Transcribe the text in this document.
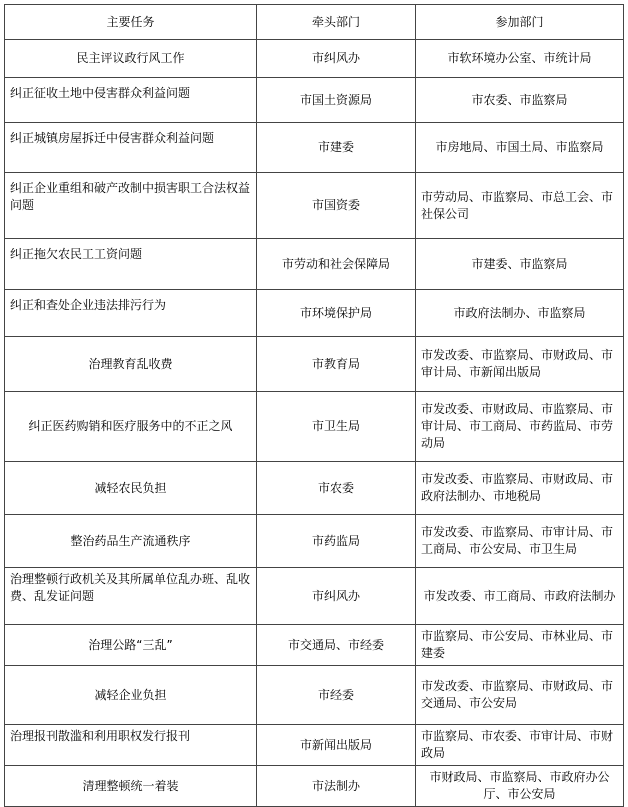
主要任务	牵头部门	参加部门
民主评议政行风工作	市纠风办	市软环境办公室、市统计局
纠正征收土地中侵害群众利益问题	市国土资源局	市农委、市监察局
纠正城镇房屋拆迁中侵害群众利益问题	市建委	市房地局、市国土局、市监察局
纠正企业重组和破产改制中损害职工合法权益问题	市国资委	市劳动局、市监察局、市总工会、市社保公司
纠正拖欠农民工工资问题	市劳动和社会保障局	市建委、市监察局
纠正和查处企业违法排污行为	市环境保护局	市政府法制办、市监察局
治理教育乱收费	市教育局	市发改委、市监察局、市财政局、市审计局、市新闻出版局
纠正医药购销和医疗服务中的不正之风	市卫生局	市发改委、市财政局、市监察局、市审计局、市工商局、市药监局、市劳动局
减轻农民负担	市农委	市发改委、市监察局、市财政局、市政府法制办、市地税局
整治药品生产流通秩序	市药监局	市发改委、市监察局、市审计局、市工商局、市公安局、市卫生局
治理整顿行政机关及其所属单位乱办班、乱收费、乱发证问题	市纠风办	市发改委、市工商局、市政府法制办
治理公路“三乱”	市交通局、市经委	市监察局、市公安局、市林业局、市建委
减轻企业负担	市经委	市发改委、市监察局、市财政局、市交通局、市公安局
治理报刊散滥和利用职权发行报刊	市新闻出版局	市监察局、市农委、市审计局、市财政局
清理整顿统一着装	市法制办	市财政局、市监察局、市政府办公厅、市公安局
